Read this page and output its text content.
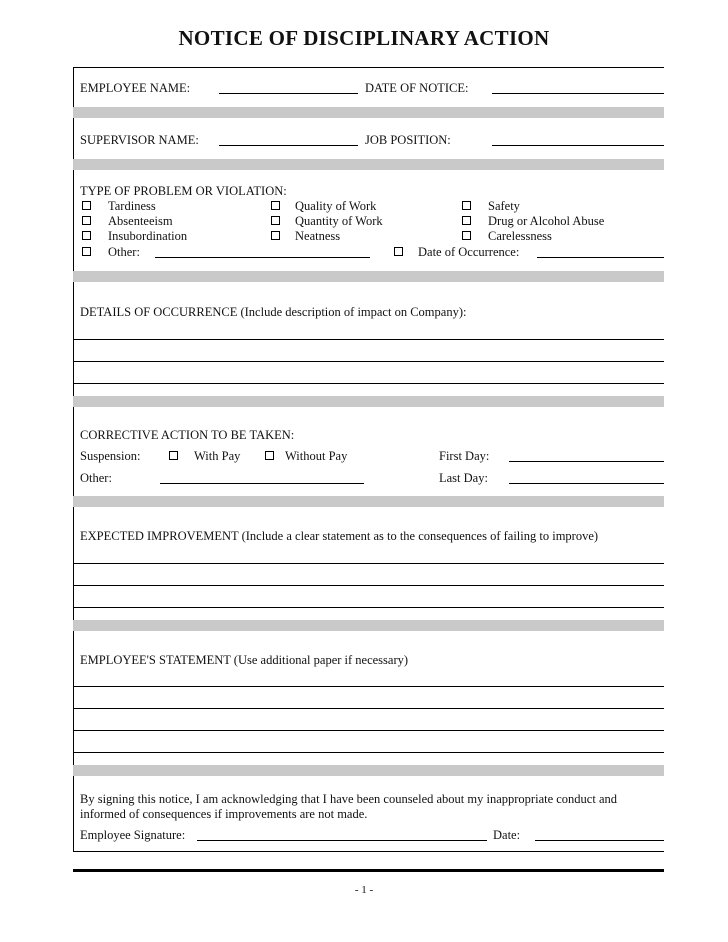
NOTICE OF DISCIPLINARY ACTION
EMPLOYEE NAME:	DATE OF NOTICE:
SUPERVISOR NAME:	JOB POSITION:
TYPE OF PROBLEM OR VIOLATION:
Tardiness	Quality of Work	Safety
Absenteeism	Quantity of Work	Drug or Alcohol Abuse
Insubordination	Neatness	Carelessness
Other:	Date of Occurrence:
DETAILS OF OCCURRENCE (Include description of impact on Company):
CORRECTIVE ACTION TO BE TAKEN:
Suspension:	With Pay	Without Pay	First Day:
Other:	Last Day:
EXPECTED IMPROVEMENT (Include a clear statement as to the consequences of failing to improve)
EMPLOYEE'S STATEMENT (Use additional paper if necessary)
By signing this notice, I am acknowledging that I have been counseled about my inappropriate conduct and
informed of consequences if improvements are not made.
Employee Signature:	Date:
- 1 -
